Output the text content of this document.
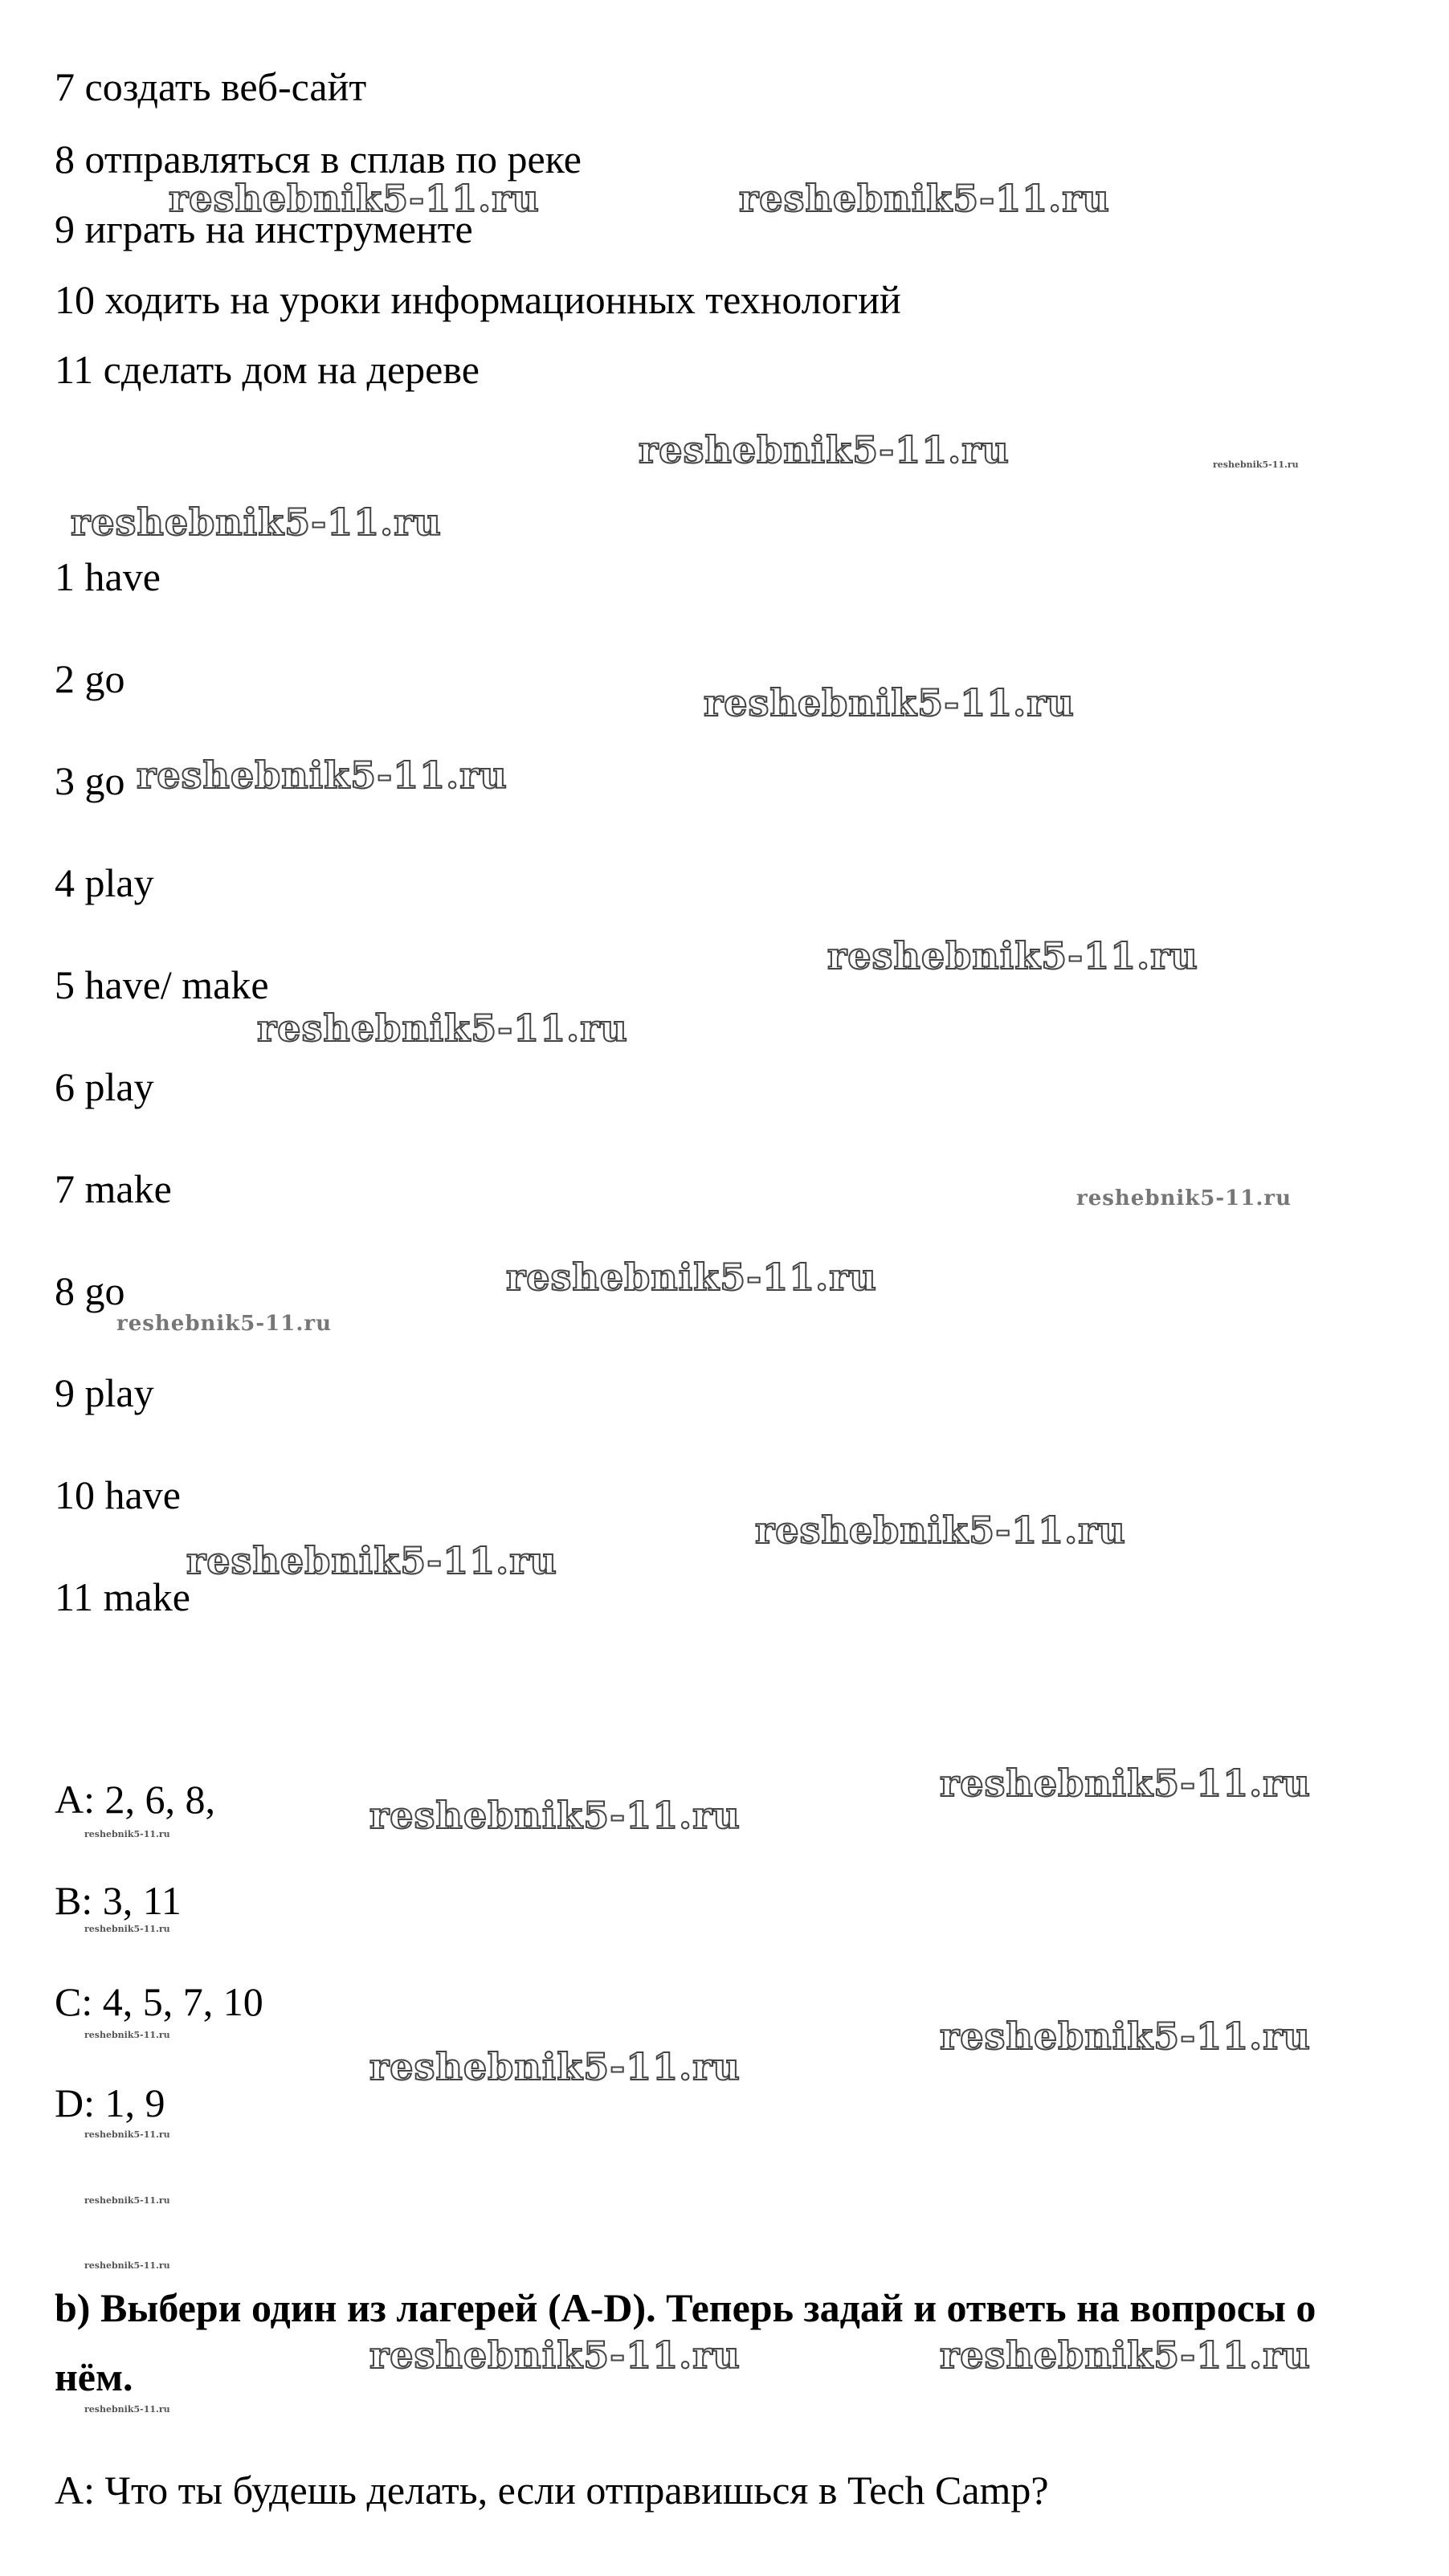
7 создать веб-сайт
8 отправляться в сплав по реке
9 играть на инструменте
10 ходить на уроки информационных технологий
11 сделать дом на дереве
1 have
2 go
3 go
4 play
5 have/ make
6 play
7 make
8 go
9 play
10 have
11 make
A: 2, 6, 8,
B: 3, 11
C: 4, 5, 7, 10
D: 1, 9
b) Выбери один из лагерей (A-D). Теперь задай и ответь на вопросы о нём.
A: Что ты будешь делать, если отправишься в Tech Camp?
reshebnik5-11.ru	reshebnik5-11.ru
reshebnik5-11.ru
reshebnik5-11.ru
reshebnik5-11.ru
reshebnik5-11.ru
reshebnik5-11.ru
reshebnik5-11.ru
reshebnik5-11.ru
reshebnik5-11.ru
reshebnik5-11.ru
reshebnik5-11.ru
reshebnik5-11.ru
reshebnik5-11.ru
reshebnik5-11.ru
reshebnik5-11.ru	reshebnik5-11.ru
reshebnik5-11.ru
reshebnik5-11.ru
reshebnik5-11.ru
reshebnik5-11.ru
reshebnik5-11.ru
reshebnik5-11.ru
reshebnik5-11.ru
reshebnik5-11.ru
reshebnik5-11.ru
reshebnik5-11.ru
